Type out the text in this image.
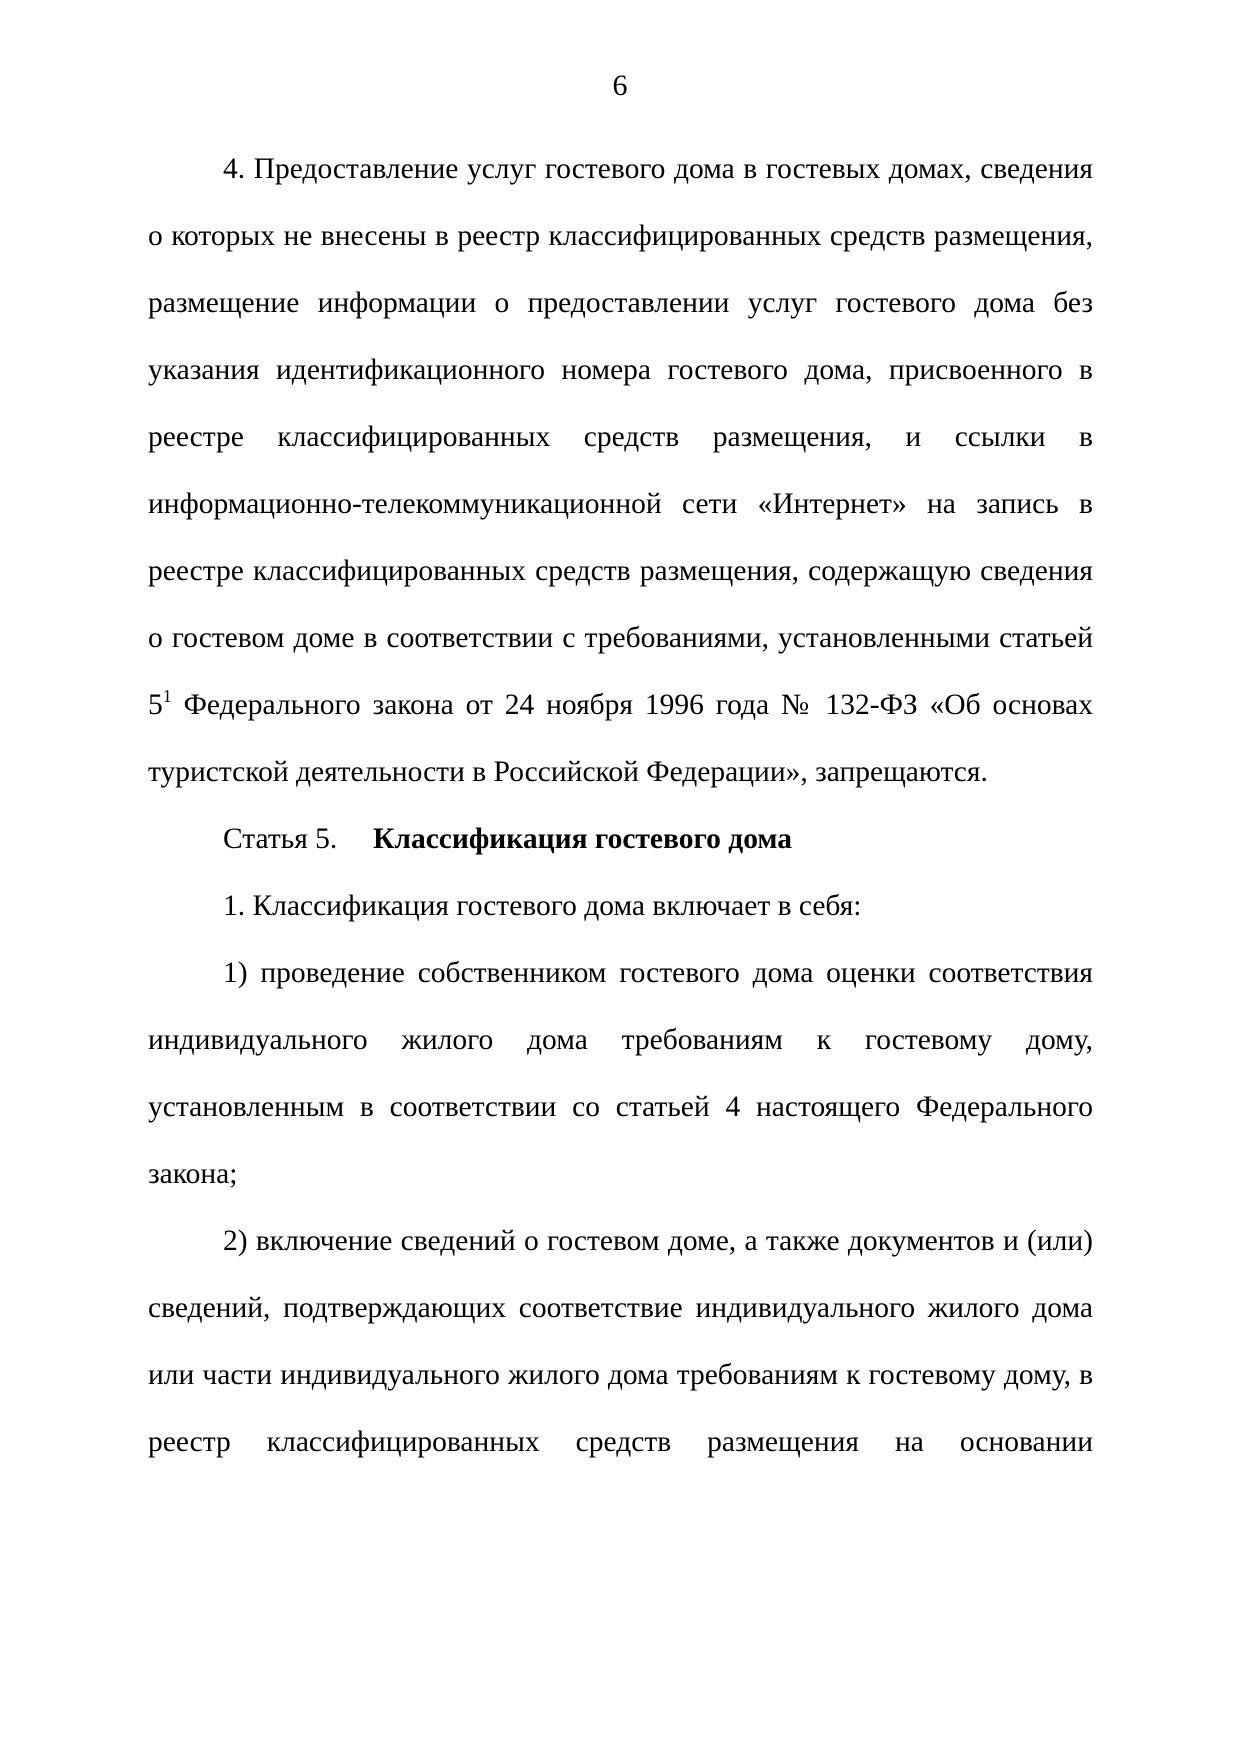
6

4. Предоставление услуг гостевого дома в гостевых домах, сведения о которых не внесены в реестр классифицированных средств размещения, размещение информации о предоставлении услуг гостевого дома без указания идентификационного номера гостевого дома, присвоенного в реестре классифицированных средств размещения, и ссылки в информационно-телекоммуникационной сети «Интернет» на запись в реестре классифицированных средств размещения, содержащую сведения о гостевом доме в соответствии с требованиями, установленными статьей $5^1$ Федерального закона от 24 ноября 1996 года № 132-ФЗ «Об основах туристской деятельности в Российской Федерации», запрещаются.

Статья 5. Классификация гостевого дома

1. Классификация гостевого дома включает в себя:

1) проведение собственником гостевого дома оценки соответствия индивидуального жилого дома требованиям к гостевому дому, установленным в соответствии со статьей 4 настоящего Федерального закона;

2) включение сведений о гостевом доме, а также документов и (или) сведений, подтверждающих соответствие индивидуального жилого дома или части индивидуального жилого дома требованиям к гостевому дому, в реестр классифицированных средств размещения на основании
